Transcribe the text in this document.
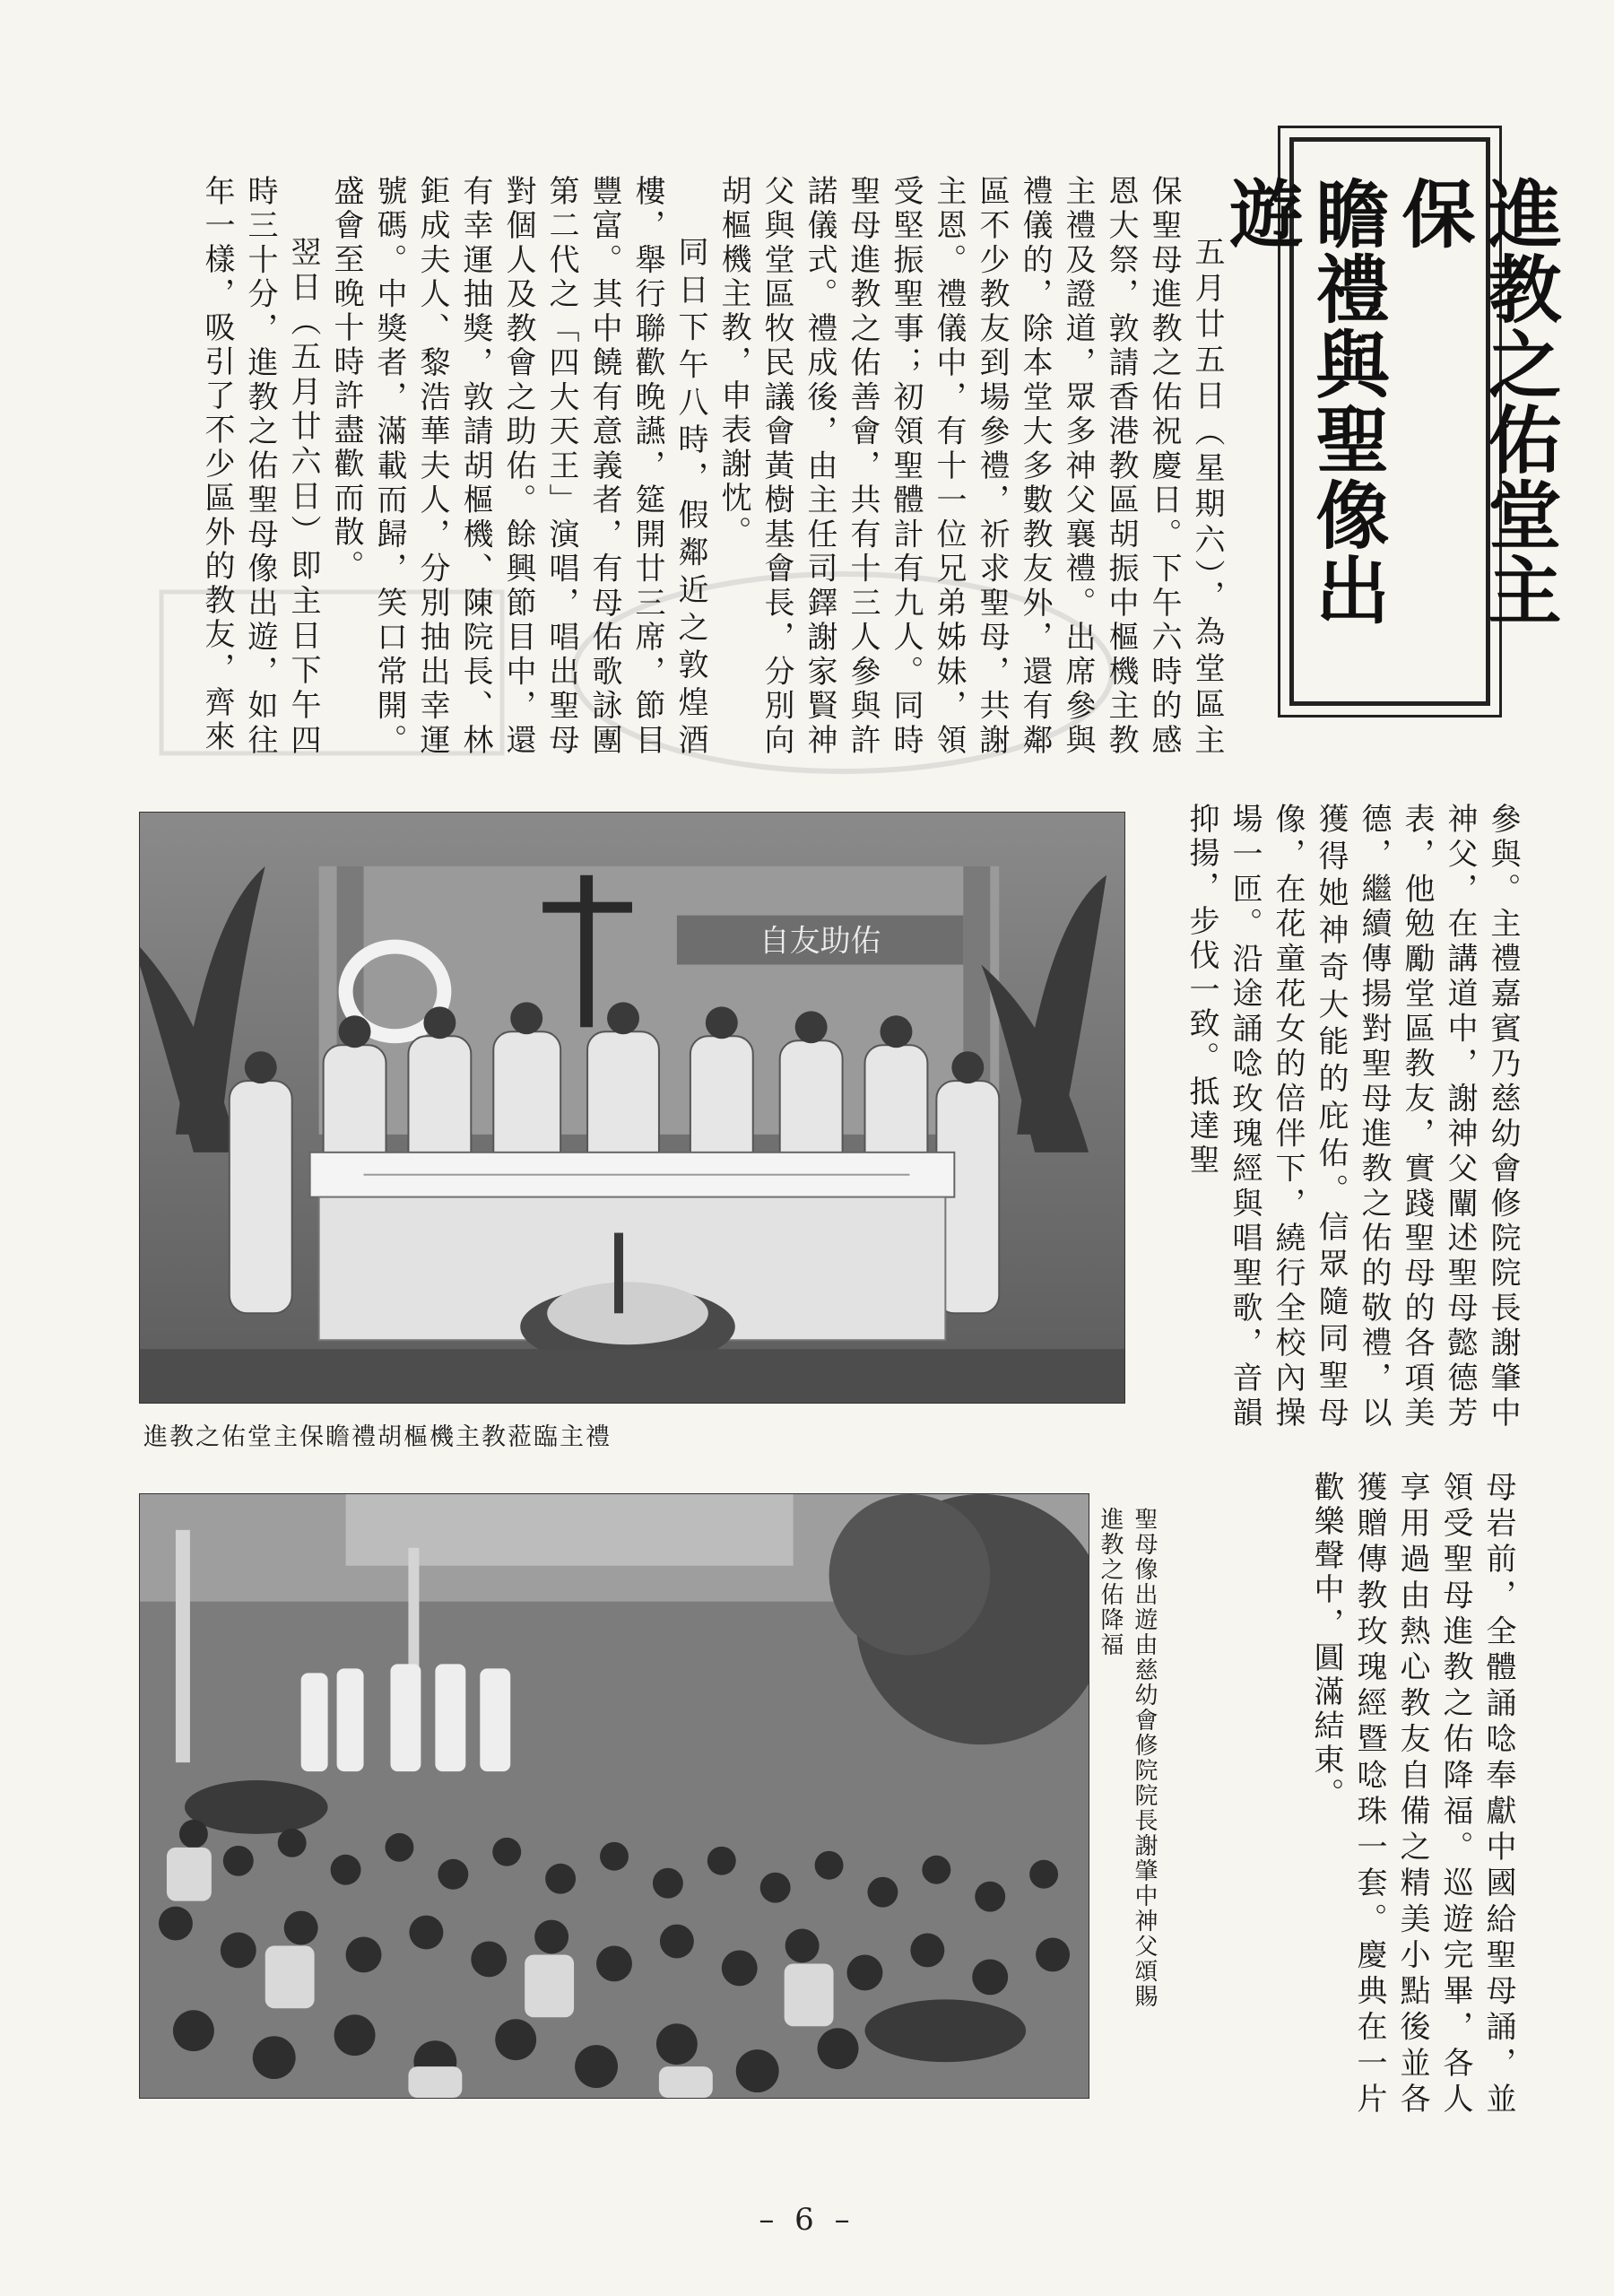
進教之佑堂主保
瞻禮與聖像出遊

五月廿五日（星期六），為堂區主保聖母進教之佑祝慶日。下午六時的感恩大祭，敦請香港教區胡振中樞機主教主禮及證道，眾多神父襄禮。出席參與禮儀的，除本堂大多數教友外，還有鄰區不少教友到場參禮，祈求聖母，共謝主恩。禮儀中，有十一位兄弟姊妹，領受堅振聖事；初領聖體計有九人。同時聖母進教之佑善會，共有十三人參與許諾儀式。禮成後，由主任司鐸謝家賢神父與堂區牧民議會黃樹基會長，分別向胡樞機主教，申表謝忱。

同日下午八時，假鄰近之敦煌酒樓，舉行聯歡晚讌，筵開廿三席，節目豐富。其中饒有意義者，有母佑歌詠團第二代之「四大天王」演唱，唱出聖母對個人及教會之助佑。餘興節目中，還有幸運抽獎，敦請胡樞機、陳院長、林鉅成夫人、黎浩華夫人，分別抽出幸運號碼。中獎者，滿載而歸，笑口常開。盛會至晚十時許盡歡而散。

翌日（五月廿六日）即主日下午四時三十分，進教之佑聖母像出遊，如往年一樣，吸引了不少區外的教友，齊來

參與。主禮嘉賓乃慈幼會修院院長謝肇中神父，在講道中，謝神父闡述聖母懿德芳表，他勉勵堂區教友，實踐聖母的各項美德，繼續傳揚對聖母進教之佑的敬禮，以獲得她神奇大能的庇佑。信眾隨同聖母像，在花童花女的倍伴下，繞行全校內操場一匝。沿途誦唸玫瑰經與唱聖歌，音韻抑揚，步伐一致。抵達聖

母岩前，全體誦唸奉獻中國給聖母誦，並領受聖母進教之佑降福。巡遊完畢，各人享用過由熱心教友自備之精美小點後並各獲贈傳教玫瑰經暨唸珠一套。慶典在一片歡樂聲中，圓滿結束。

自友助佑
進教之佑堂主保瞻禮胡樞機主教蒞臨主禮
聖母像出遊由慈幼會修院院長謝肇中神父頌賜
進教之佑降福
– 6 –
